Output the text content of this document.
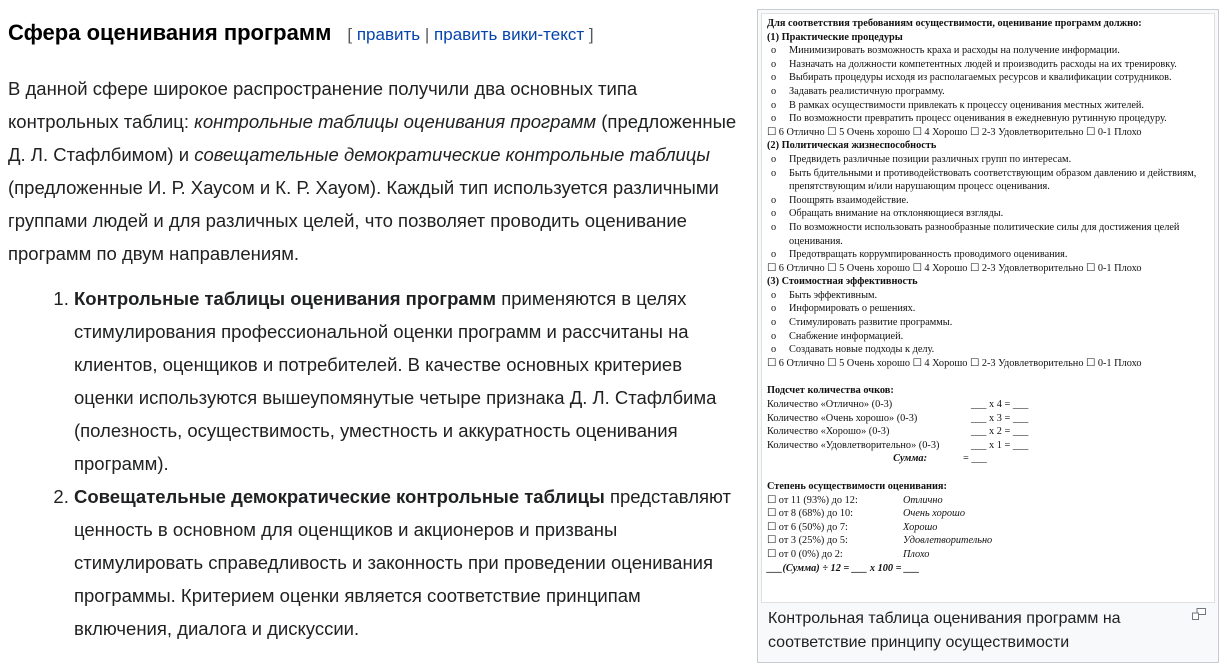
Сфера оценивания программ [ править | править вики-текст ]

В данной сфере широкое распространение получили два основных типа контрольных таблиц: контрольные таблицы оценивания программ (предложенные Д. Л. Стафлбимом) и совещательные демократические контрольные таблицы (предложенные И. Р. Хаусом и К. Р. Хауом). Каждый тип используется различными группами людей и для различных целей, что позволяет проводить оценивание программ по двум направлениям.

1. Контрольные таблицы оценивания программ применяются в целях стимулирования профессиональной оценки программ и рассчитаны на клиентов, оценщиков и потребителей. В качестве основных критериев оценки используются вышеупомянутые четыре признака Д. Л. Стафлбима (полезность, осуществимость, уместность и аккуратность оценивания программ).
2. Совещательные демократические контрольные таблицы представляют ценность в основном для оценщиков и акционеров и призваны стимулировать справедливость и законность при проведении оценивания программы. Критерием оценки является соответствие принципам включения, диалога и дискуссии.
Для соответствия требованиям осуществимости, оценивание программ должно:
(1) Практические процедуры
o Минимизировать возможность краха и расходы на получение информации.
o Назначать на должности компетентных людей и производить расходы на их тренировку.
o Выбирать процедуры исходя из располагаемых ресурсов и квалификации сотрудников.
o Задавать реалистичную программу.
o В рамках осуществимости привлекать к процессу оценивания местных жителей.
o По возможности превратить процесс оценивания в ежедневную рутинную процедуру.
☐ 6 Отлично ☐ 5 Очень хорошо ☐ 4 Хорошо ☐ 2-3 Удовлетворительно ☐ 0-1 Плохо
(2) Политическая жизнеспособность
o Предвидеть различные позиции различных групп по интересам.
o Быть бдительными и противодействовать соответствующим образом давлению и действиям, препятствующим и/или нарушающим процесс оценивания.
o Поощрять взаимодействие.
o Обращать внимание на отклоняющиеся взгляды.
o По возможности использовать разнообразные политические силы для достижения целей оценивания.
o Предотвращать коррумпированность проводимого оценивания.
☐ 6 Отлично ☐ 5 Очень хорошо ☐ 4 Хорошо ☐ 2-3 Удовлетворительно ☐ 0-1 Плохо
(3) Стоимостная эффективность
o Быть эффективным.
o Информировать о решениях.
o Стимулировать развитие программы.
o Снабжение информацией.
o Создавать новые подходы к делу.
☐ 6 Отлично ☐ 5 Очень хорошо ☐ 4 Хорошо ☐ 2-3 Удовлетворительно ☐ 0-1 Плохо
Подсчет количества очков:
Количество «Отлично» (0-3)	___ х 4 = ___
Количество «Очень хорошо» (0-3)	___ х 3 = ___
Количество «Хорошо» (0-3)	___ х 2 = ___
Количество «Удовлетворительно» (0-3)	___ х 1 = ___
Сумма:	= ___
Степень осуществимости оценивания:
☐ от 11 (93%) до 12:	Отлично
☐ от 8 (68%) до 10:	Очень хорошо
☐ от 6 (50%) до 7:	Хорошо
☐ от 3 (25%) до 5:	Удовлетворительно
☐ от 0 (0%) до 2:	Плохо
___(Сумма) ÷ 12 = ___ х 100 = ___
Контрольная таблица оценивания программ на соответствие принципу осуществимости
